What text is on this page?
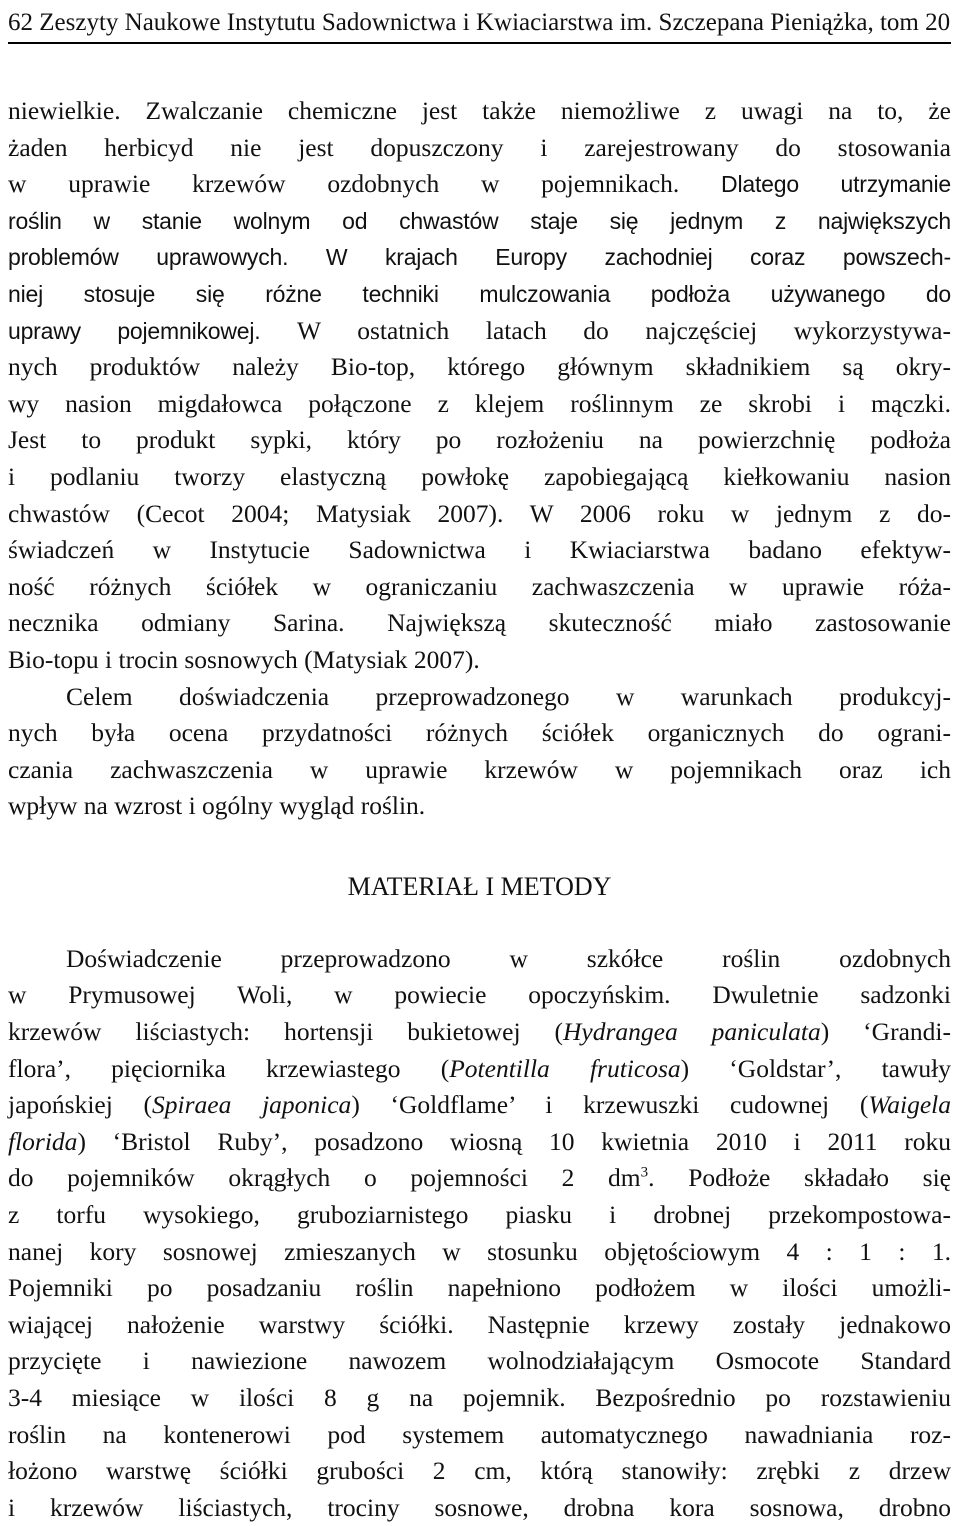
62 Zeszyty Naukowe Instytutu Sadownictwa i Kwiaciarstwa im. Szczepana Pieniążka, tom 20
niewielkie. Zwalczanie chemiczne jest także niemożliwe z uwagi na to, że
żaden herbicyd nie jest dopuszczony i zarejestrowany do stosowania
w uprawie krzewów ozdobnych w pojemnikach. Dlatego utrzymanie
roślin w stanie wolnym od chwastów staje się jednym z największych
problemów uprawowych. W krajach Europy zachodniej coraz powszech-
niej stosuje się różne techniki mulczowania podłoża używanego do
uprawy pojemnikowej. W ostatnich latach do najczęściej wykorzystywa-
nych produktów należy Bio-top, którego głównym składnikiem są okry-
wy nasion migdałowca połączone z klejem roślinnym ze skrobi i mączki.
Jest to produkt sypki, który po rozłożeniu na powierzchnię podłoża
i podlaniu tworzy elastyczną powłokę zapobiegającą kiełkowaniu nasion
chwastów (Cecot 2004; Matysiak 2007). W 2006 roku w jednym z do-
świadczeń w Instytucie Sadownictwa i Kwiaciarstwa badano efektyw-
ność różnych ściółek w ograniczaniu zachwaszczenia w uprawie róża-
necznika odmiany Sarina. Największą skuteczność miało zastosowanie
Bio-topu i trocin sosnowych (Matysiak 2007).
Celem doświadczenia przeprowadzonego w warunkach produkcyj-
nych była ocena przydatności różnych ściółek organicznych do ograni-
czania zachwaszczenia w uprawie krzewów w pojemnikach oraz ich
wpływ na wzrost i ogólny wygląd roślin.
MATERIAŁ I METODY
Doświadczenie przeprowadzono w szkółce roślin ozdobnych
w Prymusowej Woli, w powiecie opoczyńskim. Dwuletnie sadzonki
krzewów liściastych: hortensji bukietowej (Hydrangea paniculata) ‘Grandi-
flora’, pięciornika krzewiastego (Potentilla fruticosa) ‘Goldstar’, tawuły
japońskiej (Spiraea japonica) ‘Goldflame’ i krzewuszki cudownej (Waigela
florida) ‘Bristol Ruby’, posadzono wiosną 10 kwietnia 2010 i 2011 roku
do pojemników okrągłych o pojemności 2 $dm^3$. Podłoże składało się
z torfu wysokiego, gruboziarnistego piasku i drobnej przekompostowa-
nanej kory sosnowej zmieszanych w stosunku objętościowym 4 : 1 : 1.
Pojemniki po posadzaniu roślin napełniono podłożem w ilości umożli-
wiającej nałożenie warstwy ściółki. Następnie krzewy zostały jednakowo
przycięte i nawiezione nawozem wolnodziałającym Osmocote Standard
3-4 miesiące w ilości 8 g na pojemnik. Bezpośrednio po rozstawieniu
roślin na kontenerowi pod systemem automatycznego nawadniania roz-
łożono warstwę ściółki grubości 2 cm, którą stanowiły: zrębki z drzew
i krzewów liściastych, trociny sosnowe, drobna kora sosnowa, drobno
